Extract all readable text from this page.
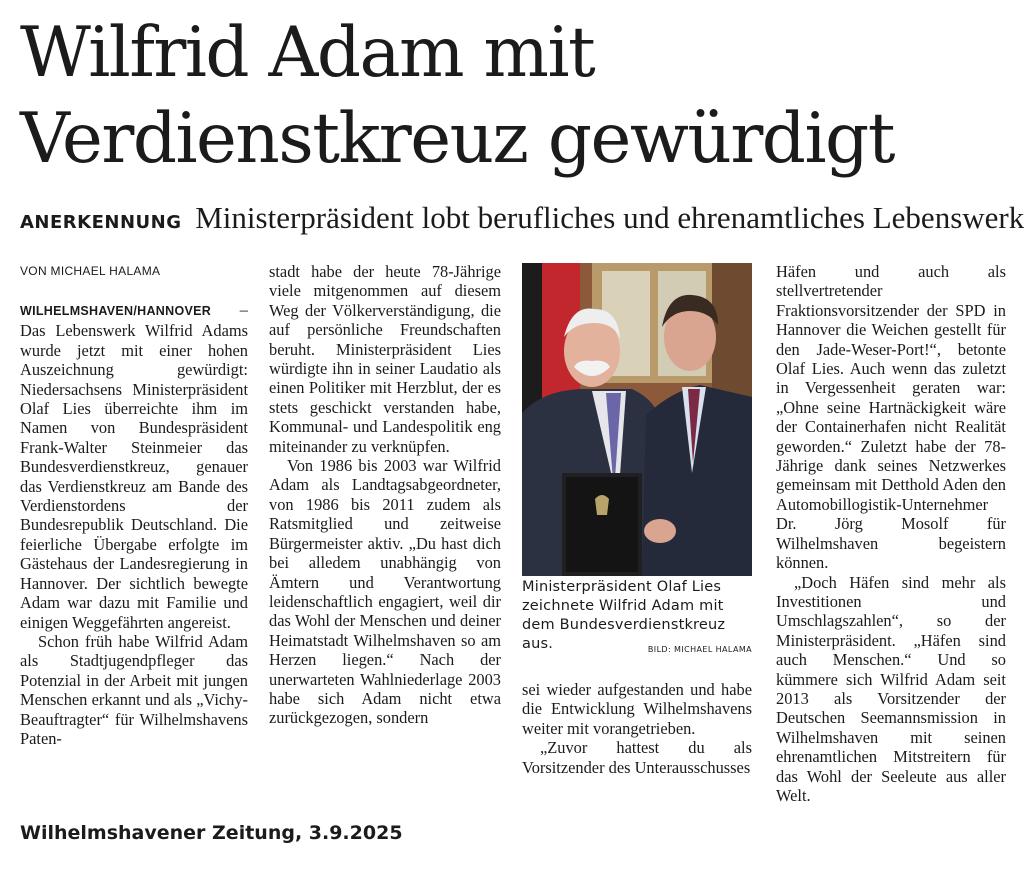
Wilfrid Adam mit
Verdienstkreuz gewürdigt
ANERKENNUNG Ministerpräsident lobt berufliches und ehrenamtliches Lebenswerk
VON MICHAEL HALAMA

WILHELMSHAVEN/HANNOVER – Das Lebenswerk Wilfrid Adams wurde jetzt mit einer hohen Auszeichnung gewürdigt: Niedersachsens Ministerpräsident Olaf Lies überreichte ihm im Namen von Bundespräsident Frank-Walter Steinmeier das Bundesverdienstkreuz, genauer das Verdienstkreuz am Bande des Verdienstordens der Bundesrepublik Deutschland. Die feierliche Übergabe erfolgte im Gästehaus der Landesregierung in Hannover. Der sichtlich bewegte Adam war dazu mit Familie und einigen Weggefährten angereist.

Schon früh habe Wilfrid Adam als Stadtjugendpfleger das Potenzial in der Arbeit mit jungen Menschen erkannt und als „Vichy-Beauftragter“ für Wilhelmshavens Paten-

stadt habe der heute 78-Jährige viele mitgenommen auf diesem Weg der Völkerverständigung, die auf persönliche Freundschaften beruht. Ministerpräsident Lies würdigte ihn in seiner Laudatio als einen Politiker mit Herzblut, der es stets geschickt verstanden habe, Kommunal- und Landespolitik eng miteinander zu verknüpfen.

Von 1986 bis 2003 war Wilfrid Adam als Landtagsabgeordneter, von 1986 bis 2011 zudem als Ratsmitglied und zeitweise Bürgermeister aktiv. „Du hast dich bei alledem unabhängig von Ämtern und Verantwortung leidenschaftlich engagiert, weil dir das Wohl der Menschen und deiner Heimatstadt Wilhelmshaven so am Herzen liegen.“ Nach der unerwarteten Wahlniederlage 2003 habe sich Adam nicht etwa zurückgezogen, sondern

Ministerpräsident Olaf Lies zeichnete Wilfrid Adam mit dem Bundesverdienstkreuz aus.	BILD: MICHAEL HALAMA

sei wieder aufgestanden und habe die Entwicklung Wilhelmshavens weiter mit vorangetrieben.

„Zuvor hattest du als Vorsitzender des Unterausschusses

Häfen und auch als stellvertretender Fraktionsvorsitzender der SPD in Hannover die Weichen gestellt für den Jade-Weser-Port!“, betonte Olaf Lies. Auch wenn das zuletzt in Vergessenheit geraten war: „Ohne seine Hartnäckigkeit wäre der Containerhafen nicht Realität geworden.“ Zuletzt habe der 78-Jährige dank seines Netzwerkes gemeinsam mit Detthold Aden den Automobillogistik-Unternehmer Dr. Jörg Mosolf für Wilhelmshaven begeistern können.

„Doch Häfen sind mehr als Investitionen und Umschlagszahlen“, so der Ministerpräsident. „Häfen sind auch Menschen.“ Und so kümmere sich Wilfrid Adam seit 2013 als Vorsitzender der Deutschen Seemannsmission in Wilhelmshaven mit seinen ehrenamtlichen Mitstreitern für das Wohl der Seeleute aus aller Welt.

Wilhelmshavener Zeitung, 3.9.2025
